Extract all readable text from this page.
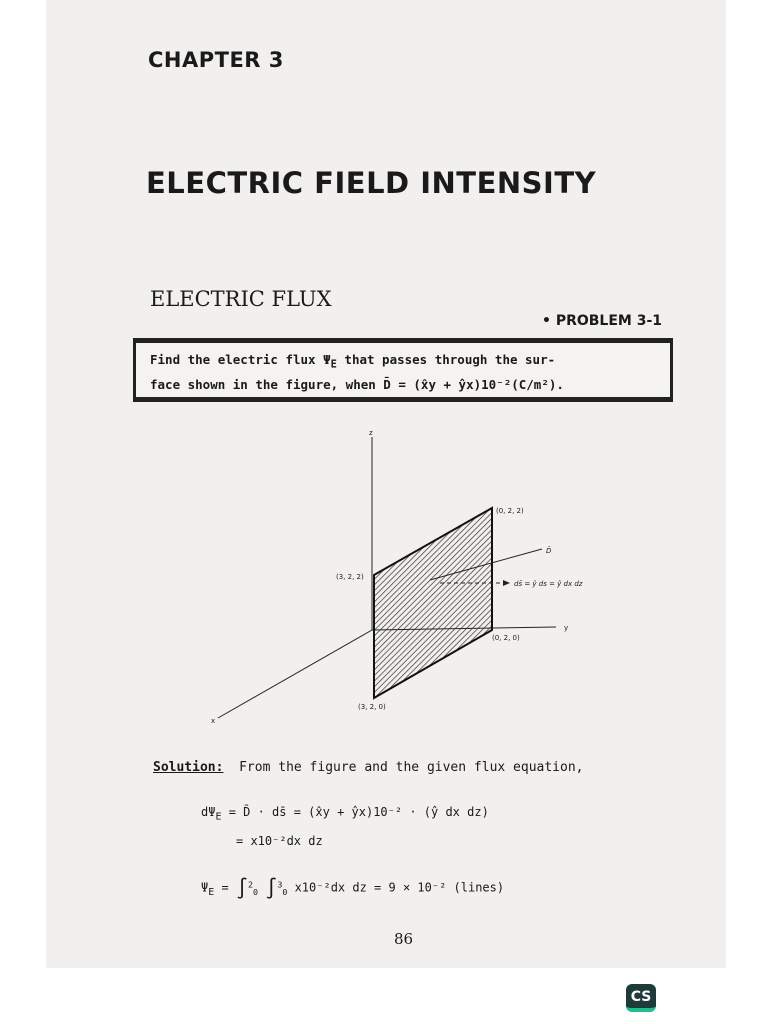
CHAPTER 3
ELECTRIC FIELD INTENSITY
ELECTRIC FLUX
• PROBLEM 3-1
Find the electric flux $\Psi_E$ that passes through the sur-
face shown in the figure, when D̄ = (x̂y + ŷx)10⁻²(C/m²).
z
y
x
(0, 2, 2)
(3, 2, 2)
(0, 2, 0)
(3, 2, 0)
D̄
ds̄ = ŷ ds = ŷ dx dz
Solution: From the figure and the given flux equation,
$d\Psi_E$ = D̄ · ds̄ = (x̂y + ŷx)10⁻² · (ŷ dx dz)
= x10⁻²dx dz
$\Psi_E = \int^2_0$ ∫$^3_0$ x10⁻²dx dz = 9 × 10⁻² (lines)
86
CS
